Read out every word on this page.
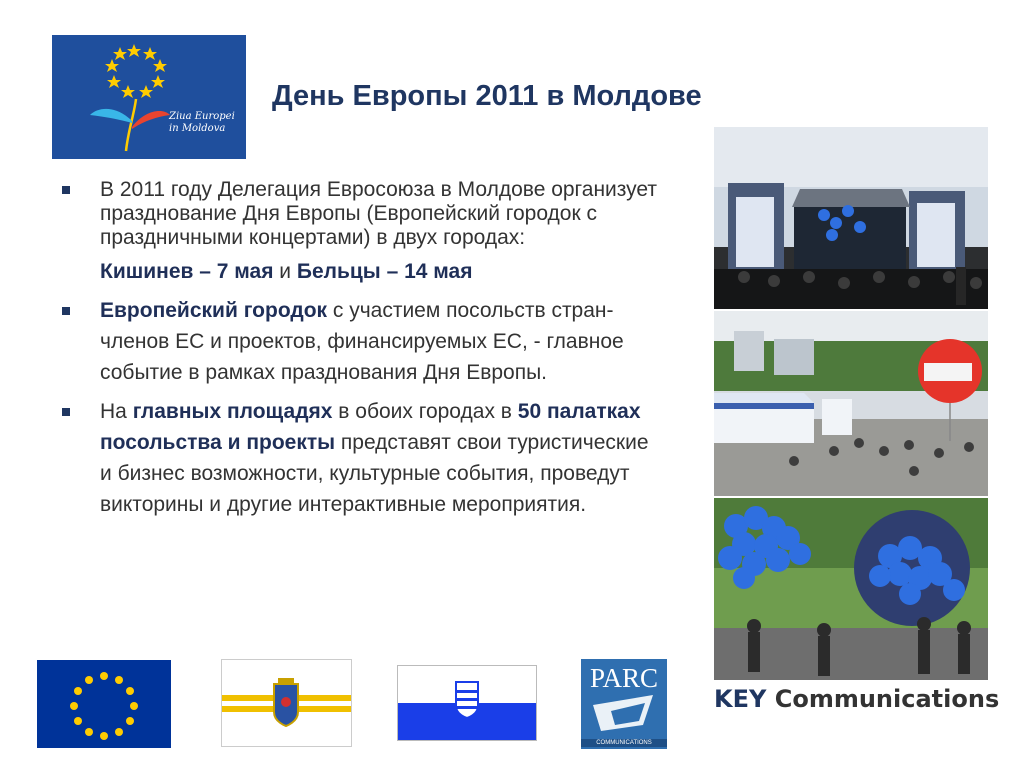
Ziua Europei
in Moldova
День Европы 2011 в Молдове
В 2011 году Делегация Евросоюза в Молдове организует празднование Дня Европы (Европейский городок с праздничными концертами) в двух городах:
Кишинев – 7 мая и Бельцы – 14 мая
Европейский городок с участием посольств стран-членов ЕС и проектов, финансируемых ЕС, - главное событие в рамках празднования Дня Европы.
На главных площадях в обоих городах в 50 палатках посольства и проекты представят свои туристические и бизнес возможности, культурные события, проведут викторины и другие интерактивные мероприятия.
PARC
COMMUNICATIONS
KEY Communications
